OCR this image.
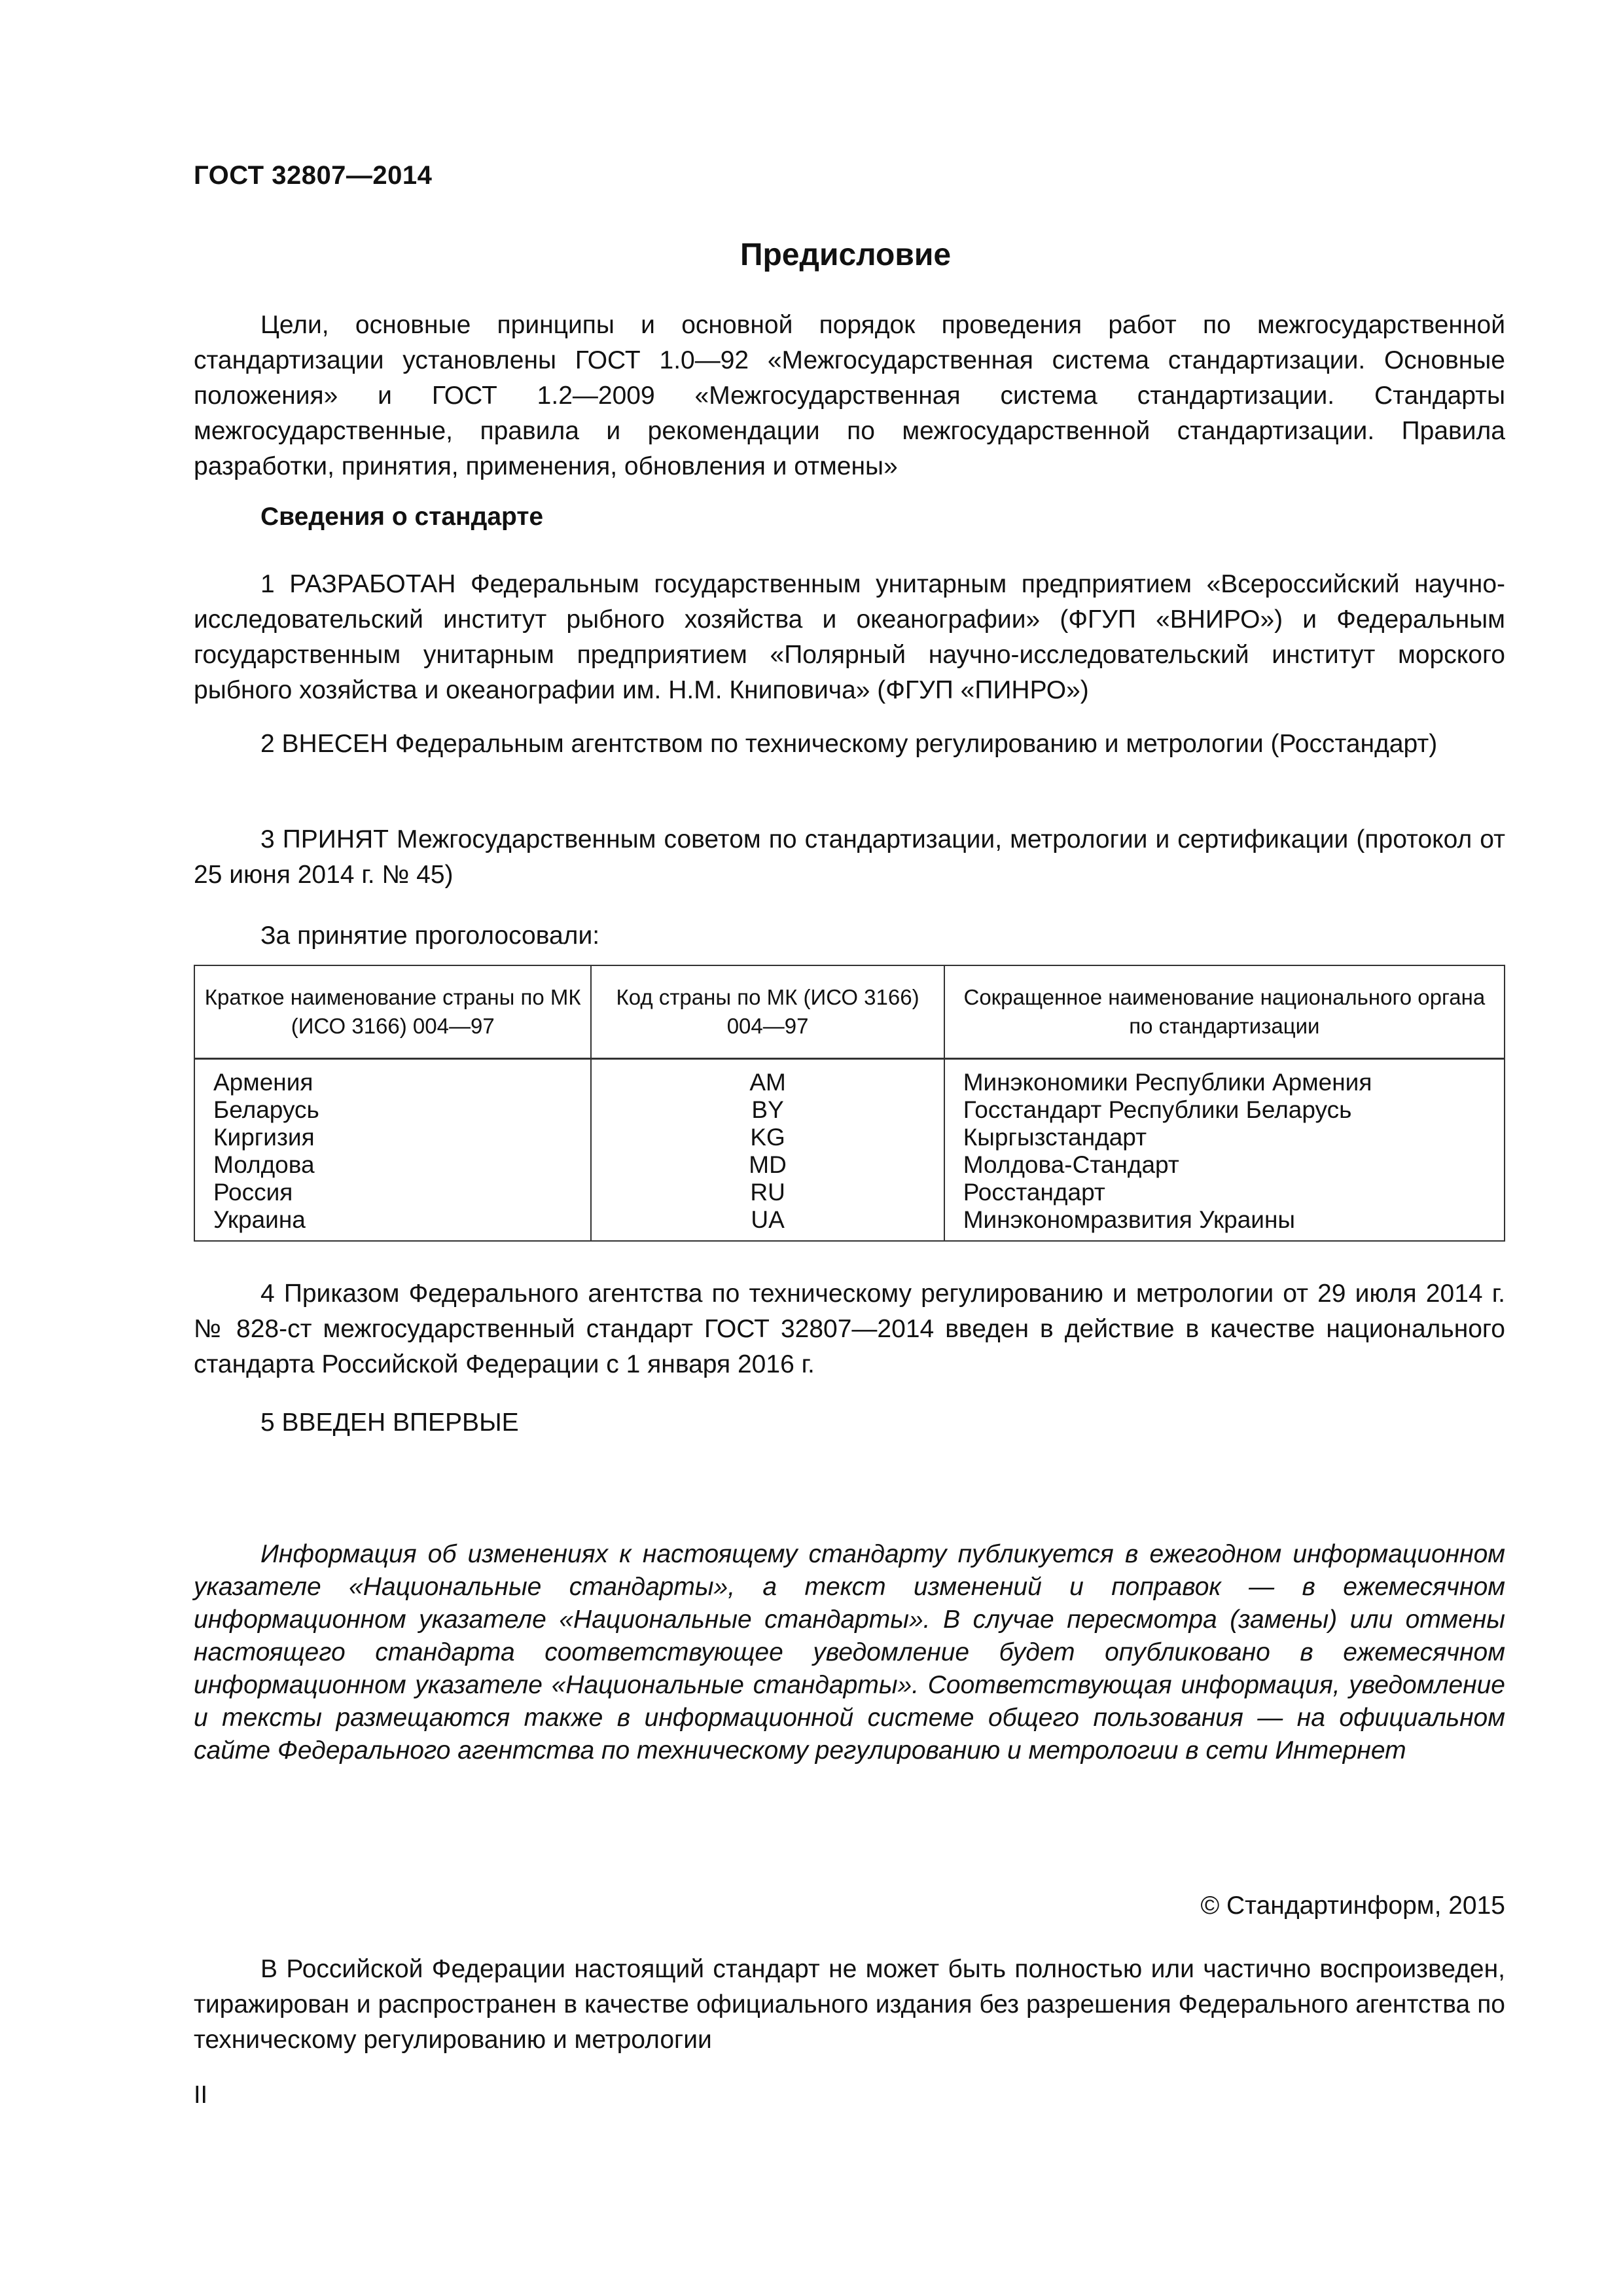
ГОСТ 32807—2014
Предисловие
Цели, основные принципы и основной порядок проведения работ по межгосударственной стандартизации установлены ГОСТ 1.0—92 «Межгосударственная система стандартизации. Основные положения» и ГОСТ 1.2—2009 «Межгосударственная система стандартизации. Стандарты межгосударственные, правила и рекомендации по межгосударственной стандартизации. Правила разработки, принятия, применения, обновления и отмены»
Сведения о стандарте
1 РАЗРАБОТАН Федеральным государственным унитарным предприятием «Всероссийский научно-исследовательский институт рыбного хозяйства и океанографии» (ФГУП «ВНИРО») и Федеральным государственным унитарным предприятием «Полярный научно-исследовательский институт морского рыбного хозяйства и океанографии им. Н.М. Книповича» (ФГУП «ПИНРО»)
2 ВНЕСЕН Федеральным агентством по техническому регулированию и метрологии (Росстандарт)
3 ПРИНЯТ Межгосударственным советом по стандартизации, метрологии и сертификации (протокол от 25 июня 2014 г. № 45)
За принятие проголосовали:
Краткое наименование страны по МК (ИСО 3166) 004—97	Код страны по МК (ИСО 3166) 004—97	Сокращенное наименование национального органа по стандартизации
Армения	AM	Минэкономики Республики Армения
Беларусь	BY	Госстандарт Республики Беларусь
Киргизия	KG	Кыргызстандарт
Молдова	MD	Молдова-Стандарт
Россия	RU	Росстандарт
Украина	UA	Минэкономразвития Украины
4 Приказом Федерального агентства по техническому регулированию и метрологии от 29 июля 2014 г. № 828-ст межгосударственный стандарт ГОСТ 32807—2014 введен в действие в качестве национального стандарта Российской Федерации с 1 января 2016 г.
5 ВВЕДЕН ВПЕРВЫЕ
Информация об изменениях к настоящему стандарту публикуется в ежегодном информационном указателе «Национальные стандарты», а текст изменений и поправок — в ежемесячном информационном указателе «Национальные стандарты». В случае пересмотра (замены) или отмены настоящего стандарта соответствующее уведомление будет опубликовано в ежемесячном информационном указателе «Национальные стандарты». Соответствующая информация, уведомление и тексты размещаются также в информационной системе общего пользования — на официальном сайте Федерального агентства по техническому регулированию и метрологии в сети Интернет
© Стандартинформ, 2015
В Российской Федерации настоящий стандарт не может быть полностью или частично воспроизведен, тиражирован и распространен в качестве официального издания без разрешения Федерального агентства по техническому регулированию и метрологии
II
